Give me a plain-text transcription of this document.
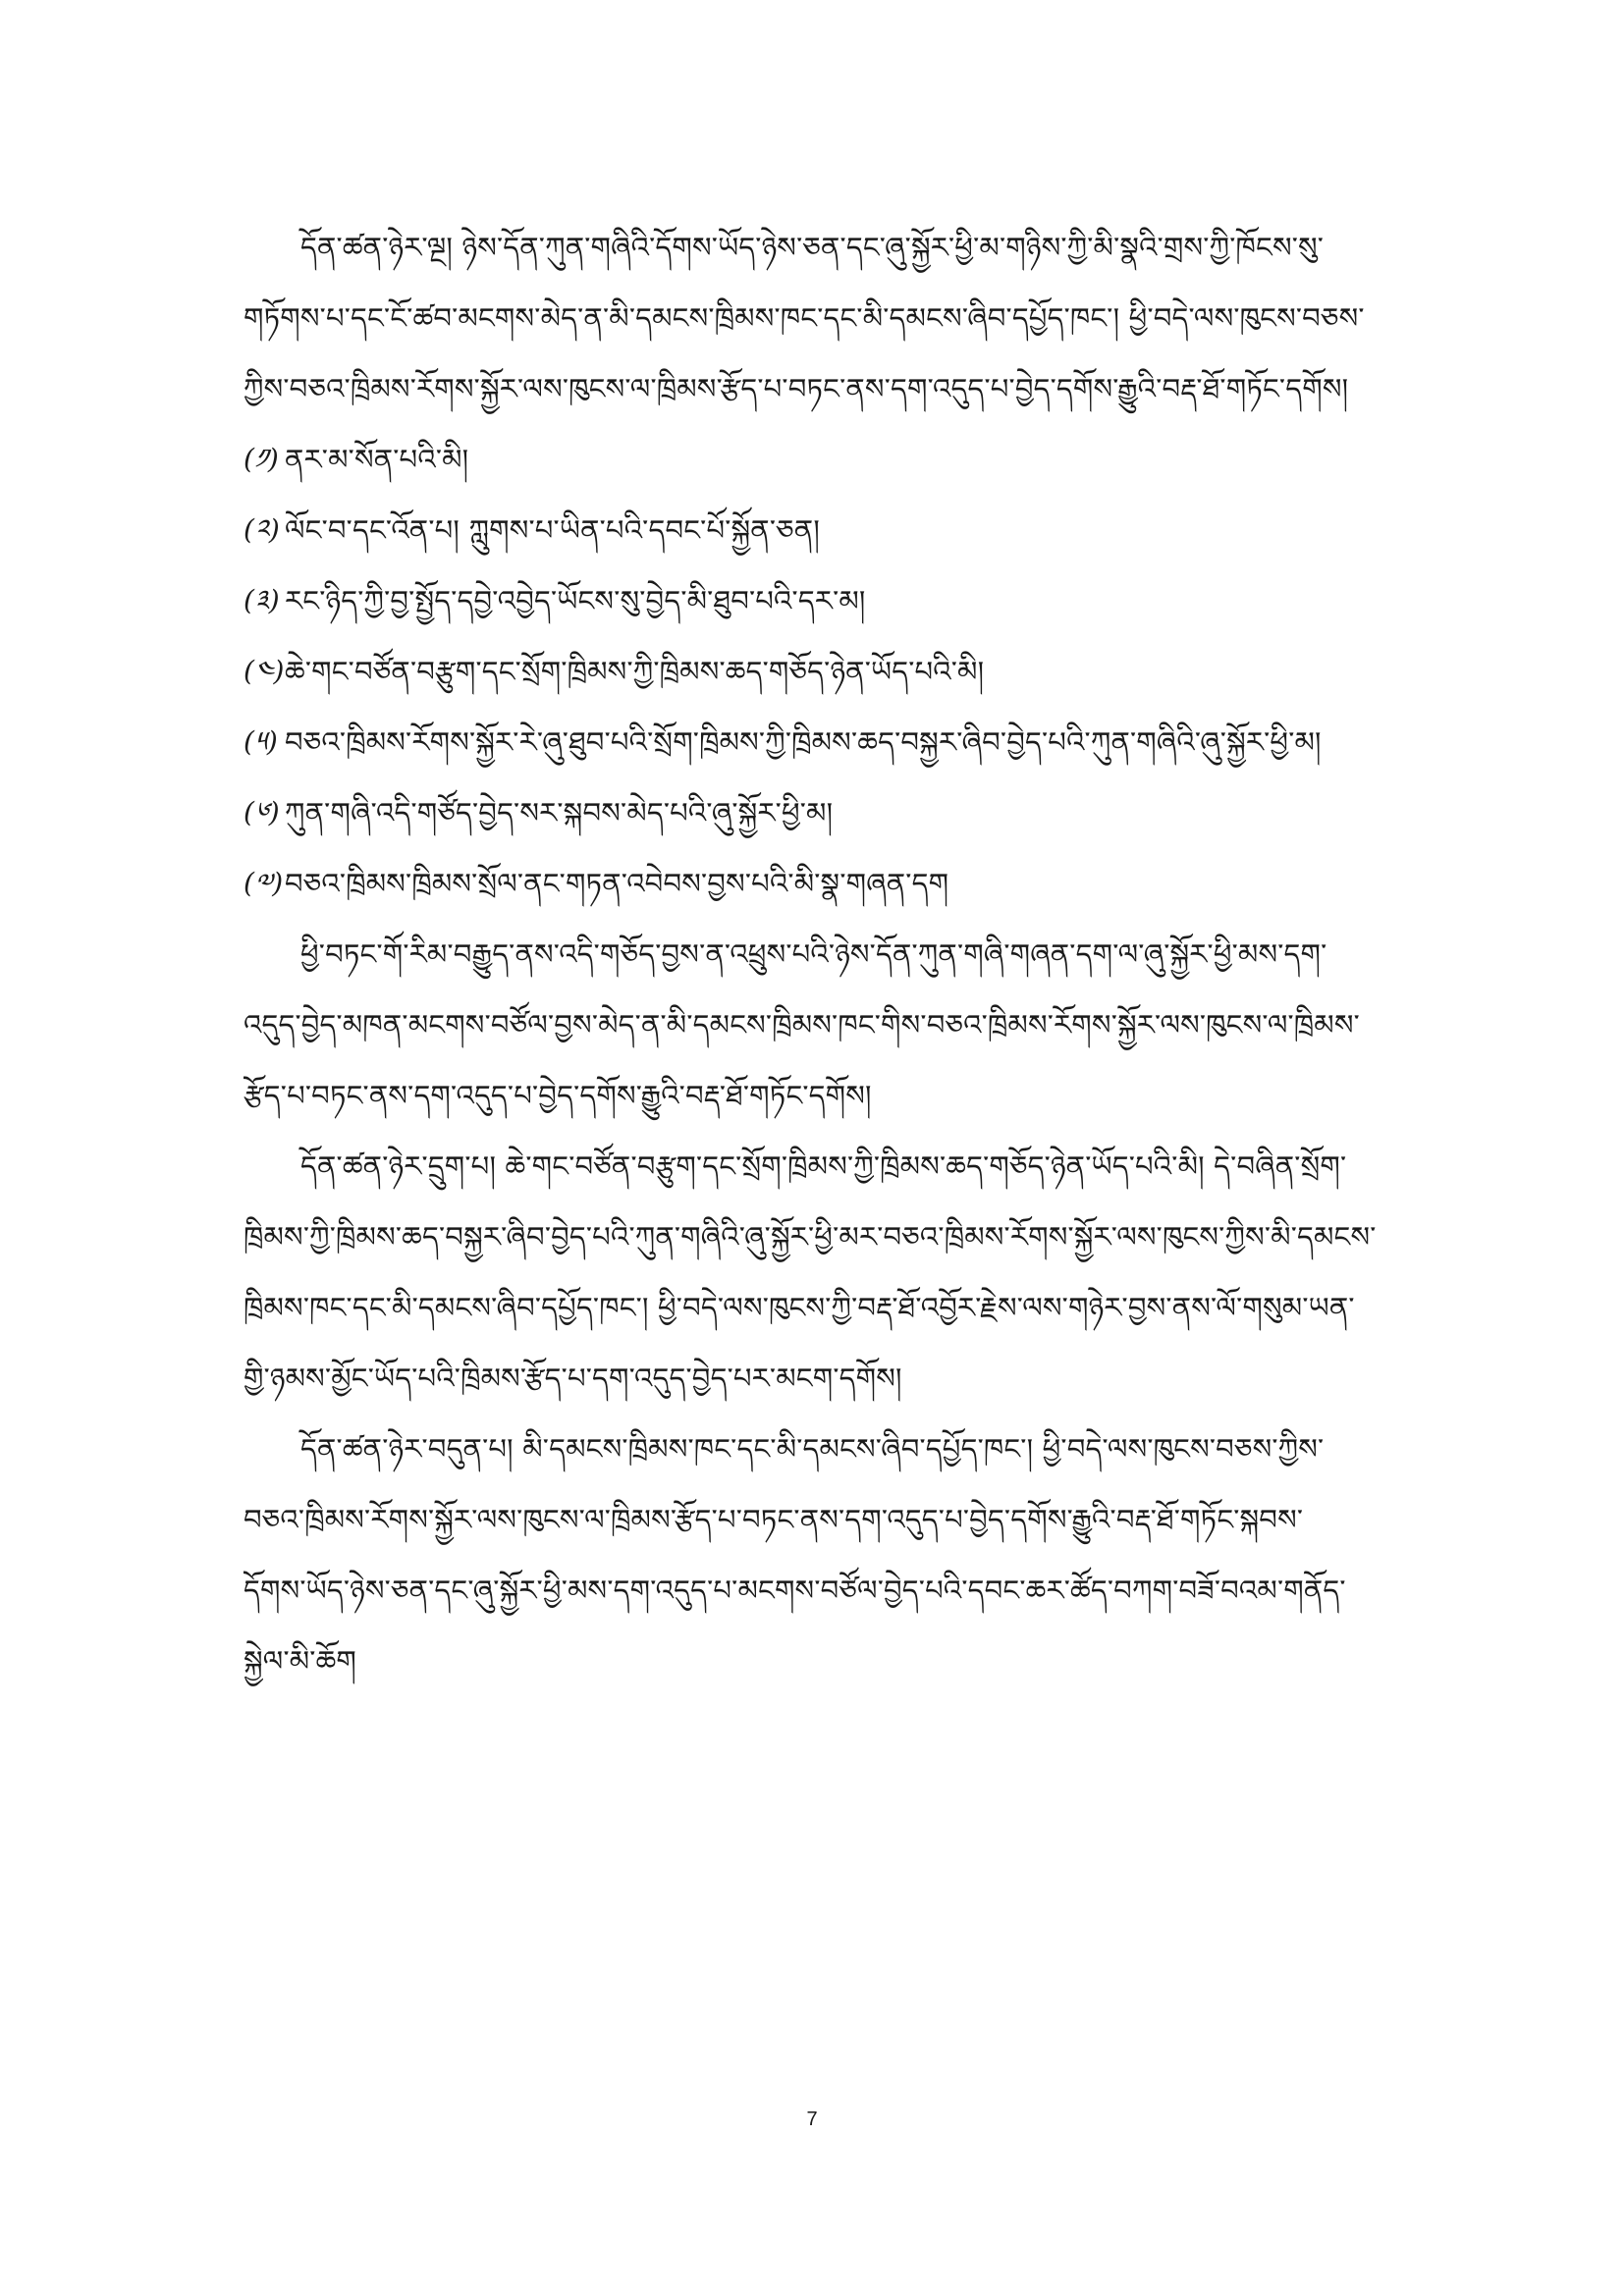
དོན་ཚན་ཉེར་ལྔ། ཉེས་དོན་ཀུན་གཞིའི་དོགས་ཡོད་ཉེས་ཅན་དང་ཞུ་སྐྱོར་ཕྱི་མ་གཉིས་ཀྱི་མི་སྣའི་གྲས་ཀྱི་ཁོངས་སུ་
གཏོགས་པ་དང་ངོ་ཚབ་མངགས་མེད་ན་མི་དམངས་ཁྲིམས་ཁང་དང་མི་དམངས་ཞིབ་དཔྱོད་ཁང་། ཕྱི་བདེ་ལས་ཁུངས་བཅས་
ཀྱིས་བཅའ་ཁྲིམས་རོགས་སྐྱོར་ལས་ཁུངས་ལ་ཁྲིམས་རྩོད་པ་བཏང་ནས་དག་འདུད་པ་བྱེད་དགོས་རྒྱུའི་བརྡ་ཐོ་གཏོང་དགོས།
(༡) ནར་མ་སོན་པའི་མི།
(༢) ལོང་བ་དང་འོན་པ། ཀླུགས་པ་ཡིན་པའི་དབང་པོ་སྐྱོན་ཅན།
(༣) རང་ཉིད་ཀྱི་བྱ་སྤྱོད་དབྱེ་འབྱེད་ཡོངས་སུ་བྱེད་མི་ཐུབ་པའི་དར་མ།
(༤) ཆེ་གང་བཙོན་བརྩུག་དང་སྲོག་ཁྲིམས་ཀྱི་ཁྲིམས་ཆད་གཅོད་ཉེན་ཡོད་པའི་མི།
(༥) བཅའ་ཁྲིམས་རོགས་སྐྱོར་རེ་ཞུ་ཐུབ་པའི་སྲོག་ཁྲིམས་ཀྱི་ཁྲིམས་ཆད་བསྐྱར་ཞིབ་བྱེད་པའི་ཀུན་གཞིའི་ཞུ་སྐྱོར་ཕྱི་མ།
(༦) ཀུན་གཞི་འདི་གཙོད་བྱེད་སར་སྐབས་མེད་པའི་ཞུ་སྐྱོར་ཕྱི་མ།
(༧) བཅའ་ཁྲིམས་ཁྲིམས་སྲོལ་ནང་གཏན་འབེབས་བྱས་པའི་མི་སྣ་གཞན་དག
ཕྱི་བཏང་གོ་རིམ་བརྒྱུད་ནས་འདི་གཅོད་བྱས་ན་འཕྲུས་པའི་ཉེས་དོན་ཀུན་གཞི་གཞན་དག་ལ་ཞུ་སྐྱོར་ཕྱི་མས་དག་
འདུད་བྱེད་མཁན་མངགས་བཙོལ་བྱས་མེད་ན་མི་དམངས་ཁྲིམས་ཁང་གིས་བཅའ་ཁྲིམས་རོགས་སྐྱོར་ལས་ཁུངས་ལ་ཁྲིམས་
རྩོད་པ་བཏང་ནས་དག་འདུད་པ་བྱེད་དགོས་རྒྱུའི་བརྡ་ཐོ་གཏོང་དགོས།
དོན་ཚན་ཉེར་དྲུག་པ། ཆེ་གང་བཙོན་བརྩུག་དང་སྲོག་ཁྲིམས་ཀྱི་ཁྲིམས་ཆད་གཅོད་ཉེན་ཡོད་པའི་མི། དེ་བཞིན་སྲོག་
ཁྲིམས་ཀྱི་ཁྲིམས་ཆད་བསྐྱར་ཞིབ་བྱེད་པའི་ཀུན་གཞིའི་ཞུ་སྐྱོར་ཕྱི་མར་བཅའ་ཁྲིམས་རོགས་སྐྱོར་ལས་ཁུངས་ཀྱིས་མི་དམངས་
ཁྲིམས་ཁང་དང་མི་དམངས་ཞིབ་དཔྱོད་ཁང་། ཕྱི་བདེ་ལས་ཁུངས་ཀྱི་བརྡ་ཐོ་འབྱོར་རྗེས་ལས་གཉེར་བྱས་ནས་ལོ་གསུམ་ཡན་
གྱི་ཉམས་མྱོང་ཡོད་པའི་ཁྲིམས་རྩོད་པ་དག་འདུད་བྱེད་པར་མངག་དགོས།
དོན་ཚན་ཉེར་བདུན་པ། མི་དམངས་ཁྲིམས་ཁང་དང་མི་དམངས་ཞིབ་དཔྱོད་ཁང་། ཕྱི་བདེ་ལས་ཁུངས་བཅས་ཀྱིས་
བཅའ་ཁྲིམས་རོགས་སྐྱོར་ལས་ཁུངས་ལ་ཁྲིམས་རྩོད་པ་བཏང་ནས་དག་འདུད་པ་བྱེད་དགོས་རྒྱུའི་བརྡ་ཐོ་གཏོང་སྐབས་
དོགས་ཡོད་ཉེས་ཅན་དང་ཞུ་སྐྱོར་ཕྱི་མས་དག་འདུད་པ་མངགས་བཙོལ་བྱེད་པའི་དབང་ཆར་ཚོད་བཀག་བཟོ་བའམ་གནོད་
སྐྱེལ་མི་ཆོག
7
